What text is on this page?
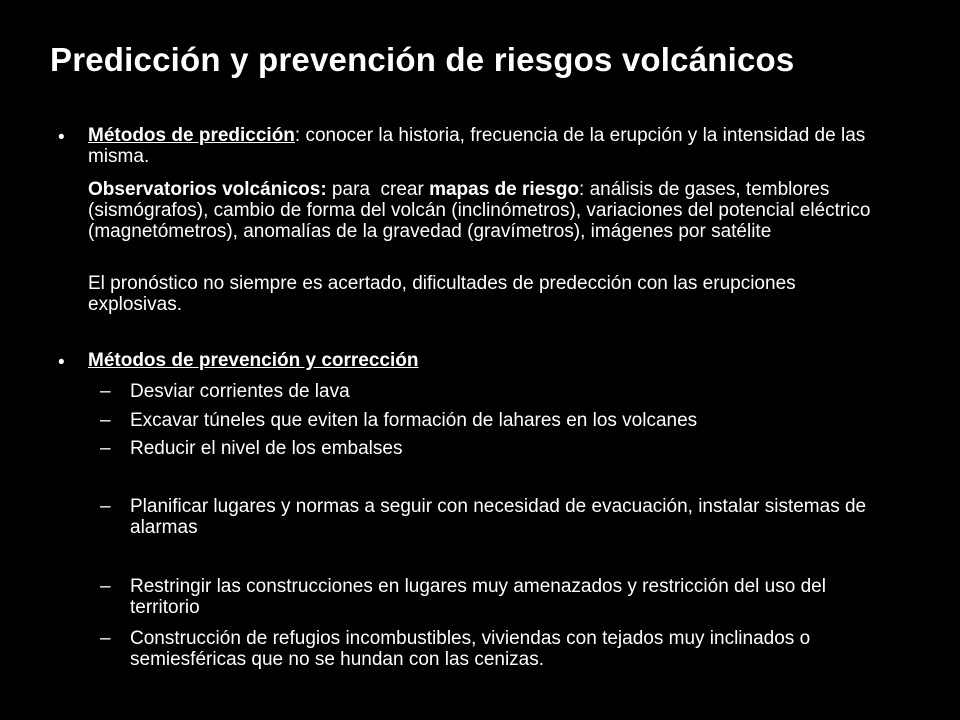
Predicción y prevención de riesgos volcánicos
• Métodos de predicción: conocer la historia, frecuencia de la erupción y la intensidad de las misma.
Observatorios volcánicos: para  crear mapas de riesgo: análisis de gases, temblores (sismógrafos), cambio de forma del volcán (inclinómetros), variaciones del potencial eléctrico (magnetómetros), anomalías de la gravedad (gravímetros), imágenes por satélite
El pronóstico no siempre es acertado, dificultades de predección con las erupciones explosivas.
• Métodos de prevención y corrección
– Desviar corrientes de lava
– Excavar túneles que eviten la formación de lahares en los volcanes
– Reducir el nivel de los embalses
– Planificar lugares y normas a seguir con necesidad de evacuación, instalar sistemas de alarmas
– Restringir las construcciones en lugares muy amenazados y restricción del uso del territorio
– Construcción de refugios incombustibles, viviendas con tejados muy inclinados o semiesféricas que no se hundan con las cenizas.
